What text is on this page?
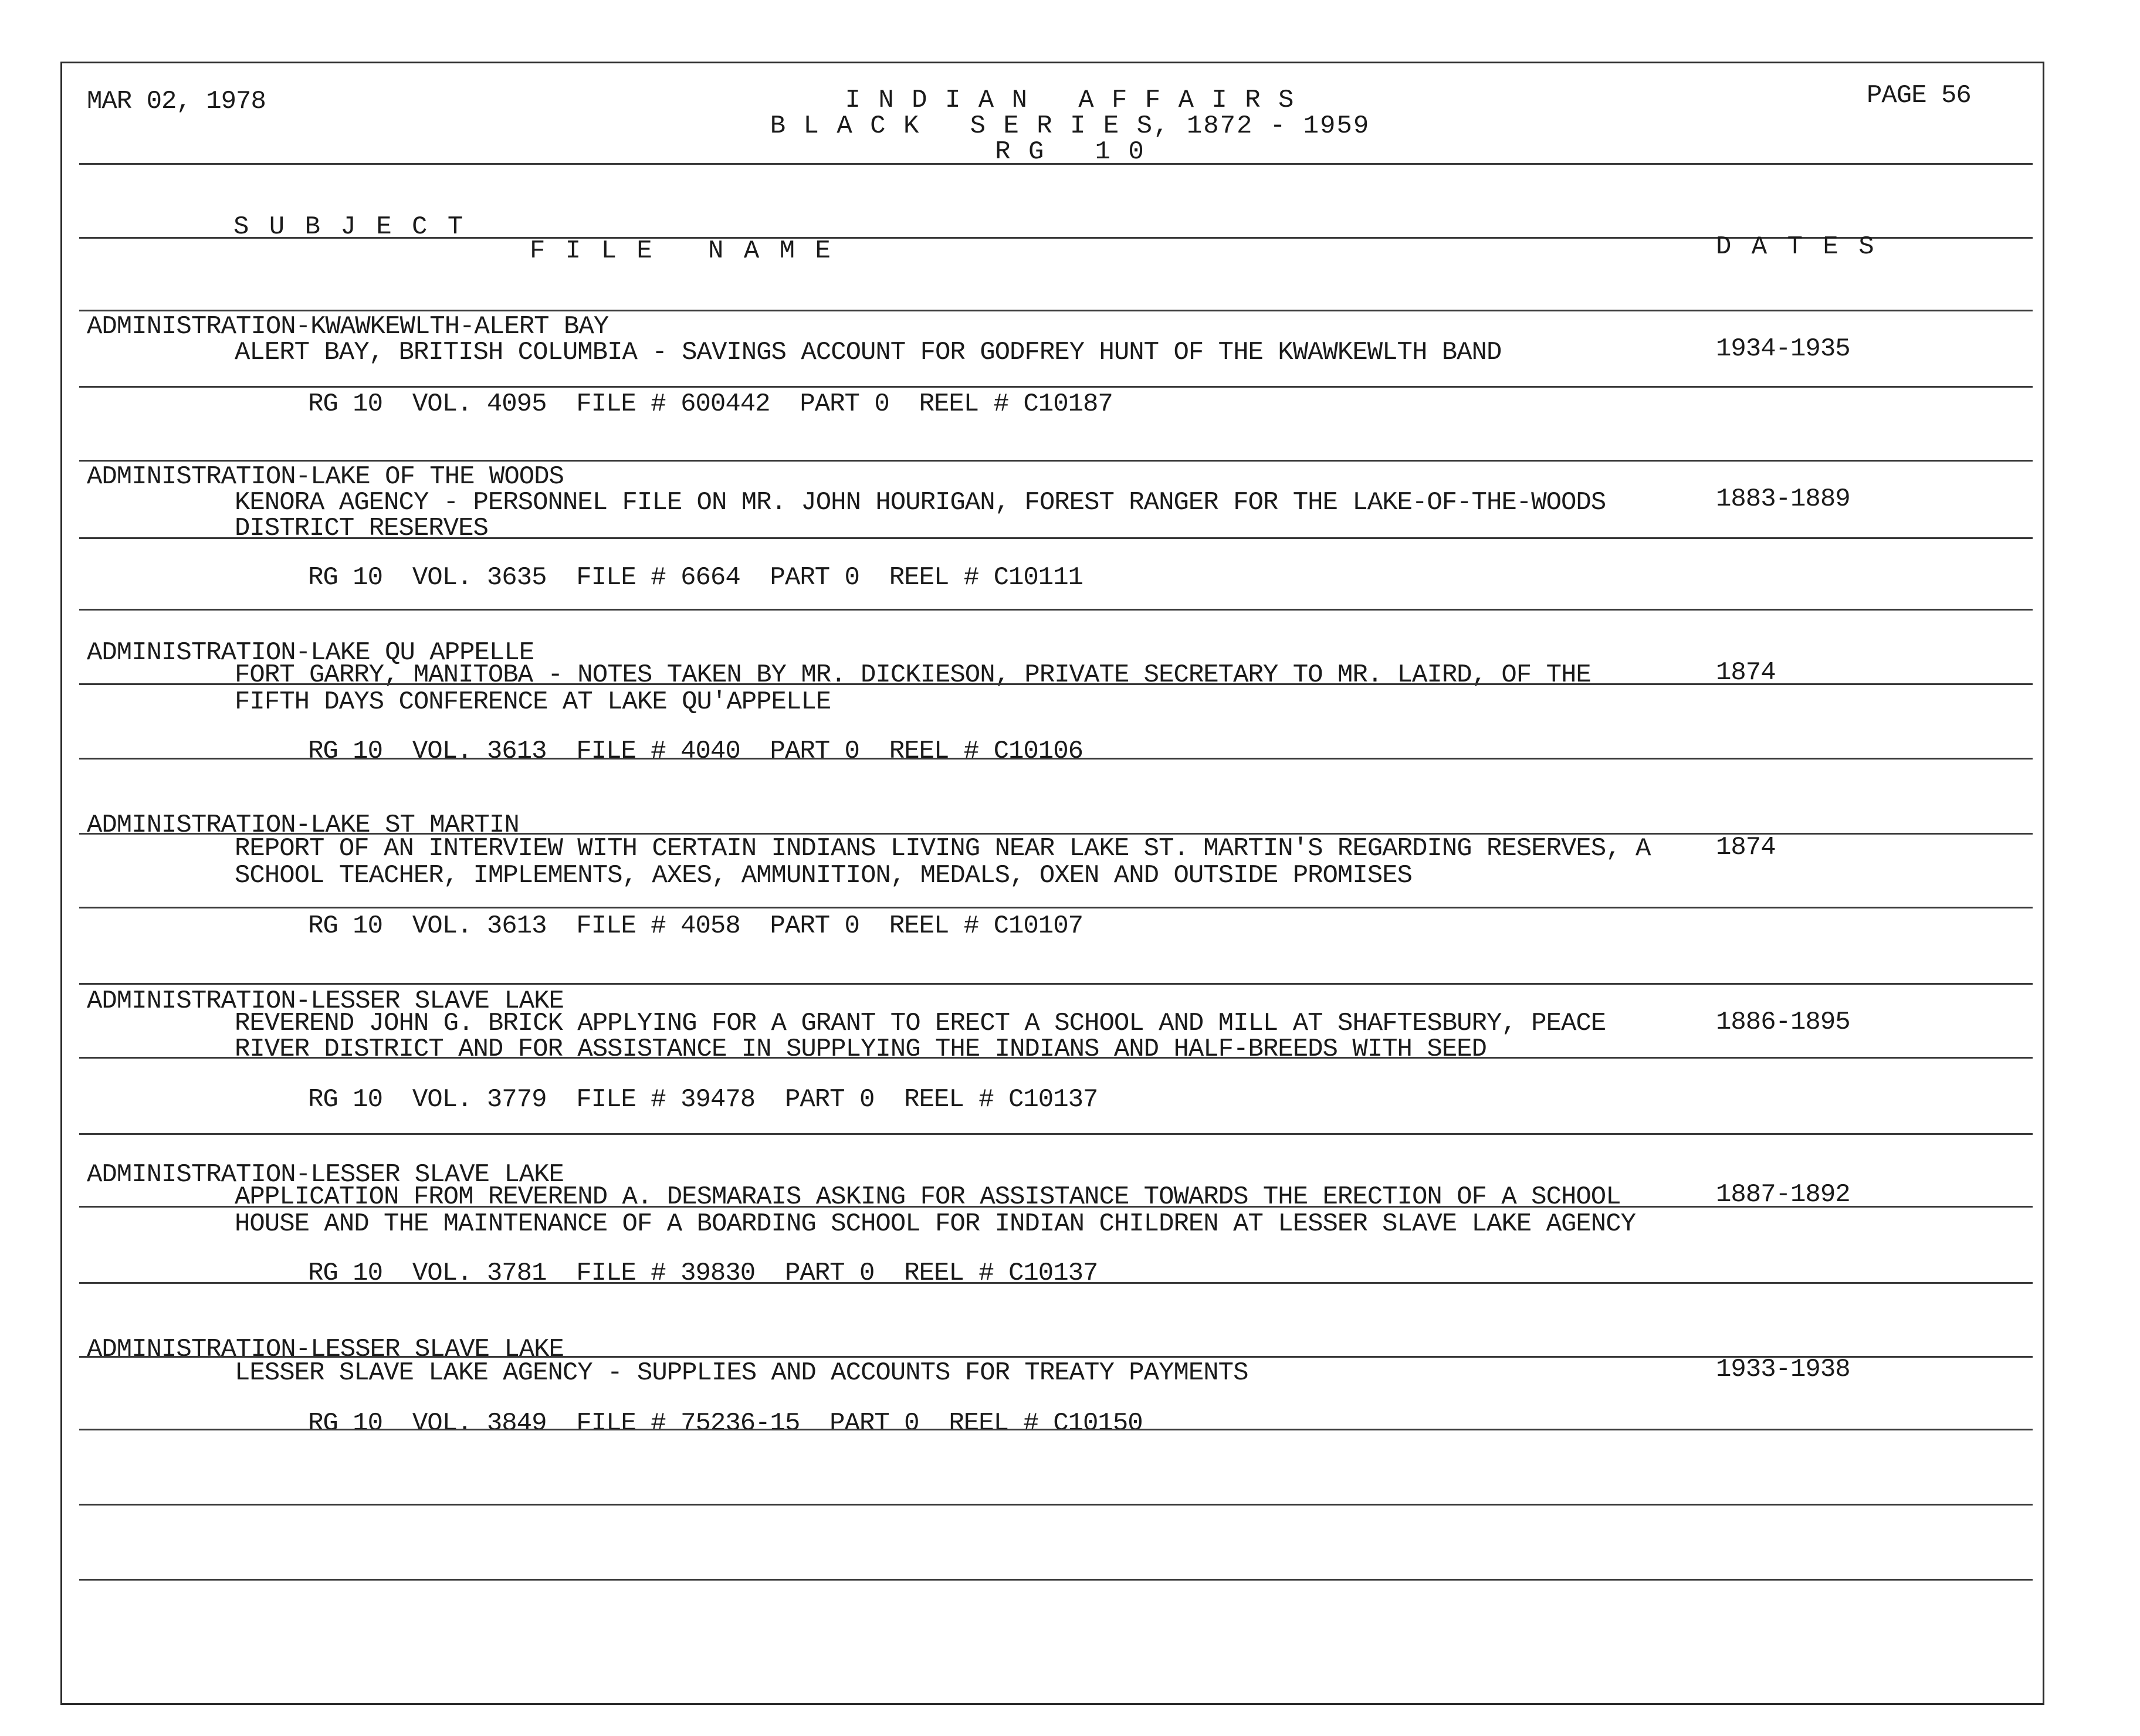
MAR 02, 1978	PAGE 56
I N D I A N   A F F A I R S
B L A C K   S E R I E S, 1872 - 1959
R G   1 0
S U B J E C T
F I L E   N A M E	D A T E S
ADMINISTRATION-KWAWKEWLTH-ALERT BAY
ALERT BAY, BRITISH COLUMBIA - SAVINGS ACCOUNT FOR GODFREY HUNT OF THE KWAWKEWLTH BAND	1934-1935
RG 10  VOL. 4095  FILE # 600442  PART 0  REEL # C10187
ADMINISTRATION-LAKE OF THE WOODS
KENORA AGENCY - PERSONNEL FILE ON MR. JOHN HOURIGAN, FOREST RANGER FOR THE LAKE-OF-THE-WOODS	1883-1889
DISTRICT RESERVES
RG 10  VOL. 3635  FILE # 6664  PART 0  REEL # C10111
ADMINISTRATION-LAKE QU APPELLE
FORT GARRY, MANITOBA - NOTES TAKEN BY MR. DICKIESON, PRIVATE SECRETARY TO MR. LAIRD, OF THE	1874
FIFTH DAYS CONFERENCE AT LAKE QU'APPELLE
RG 10  VOL. 3613  FILE # 4040  PART 0  REEL # C10106
ADMINISTRATION-LAKE ST MARTIN
REPORT OF AN INTERVIEW WITH CERTAIN INDIANS LIVING NEAR LAKE ST. MARTIN'S REGARDING RESERVES, A	1874
SCHOOL TEACHER, IMPLEMENTS, AXES, AMMUNITION, MEDALS, OXEN AND OUTSIDE PROMISES
RG 10  VOL. 3613  FILE # 4058  PART 0  REEL # C10107
ADMINISTRATION-LESSER SLAVE LAKE
REVEREND JOHN G. BRICK APPLYING FOR A GRANT TO ERECT A SCHOOL AND MILL AT SHAFTESBURY, PEACE	1886-1895
RIVER DISTRICT AND FOR ASSISTANCE IN SUPPLYING THE INDIANS AND HALF-BREEDS WITH SEED
RG 10  VOL. 3779  FILE # 39478  PART 0  REEL # C10137
ADMINISTRATION-LESSER SLAVE LAKE
APPLICATION FROM REVEREND A. DESMARAIS ASKING FOR ASSISTANCE TOWARDS THE ERECTION OF A SCHOOL	1887-1892
HOUSE AND THE MAINTENANCE OF A BOARDING SCHOOL FOR INDIAN CHILDREN AT LESSER SLAVE LAKE AGENCY
RG 10  VOL. 3781  FILE # 39830  PART 0  REEL # C10137
ADMINISTRATION-LESSER SLAVE LAKE
LESSER SLAVE LAKE AGENCY - SUPPLIES AND ACCOUNTS FOR TREATY PAYMENTS	1933-1938
RG 10  VOL. 3849  FILE # 75236-15  PART 0  REEL # C10150
